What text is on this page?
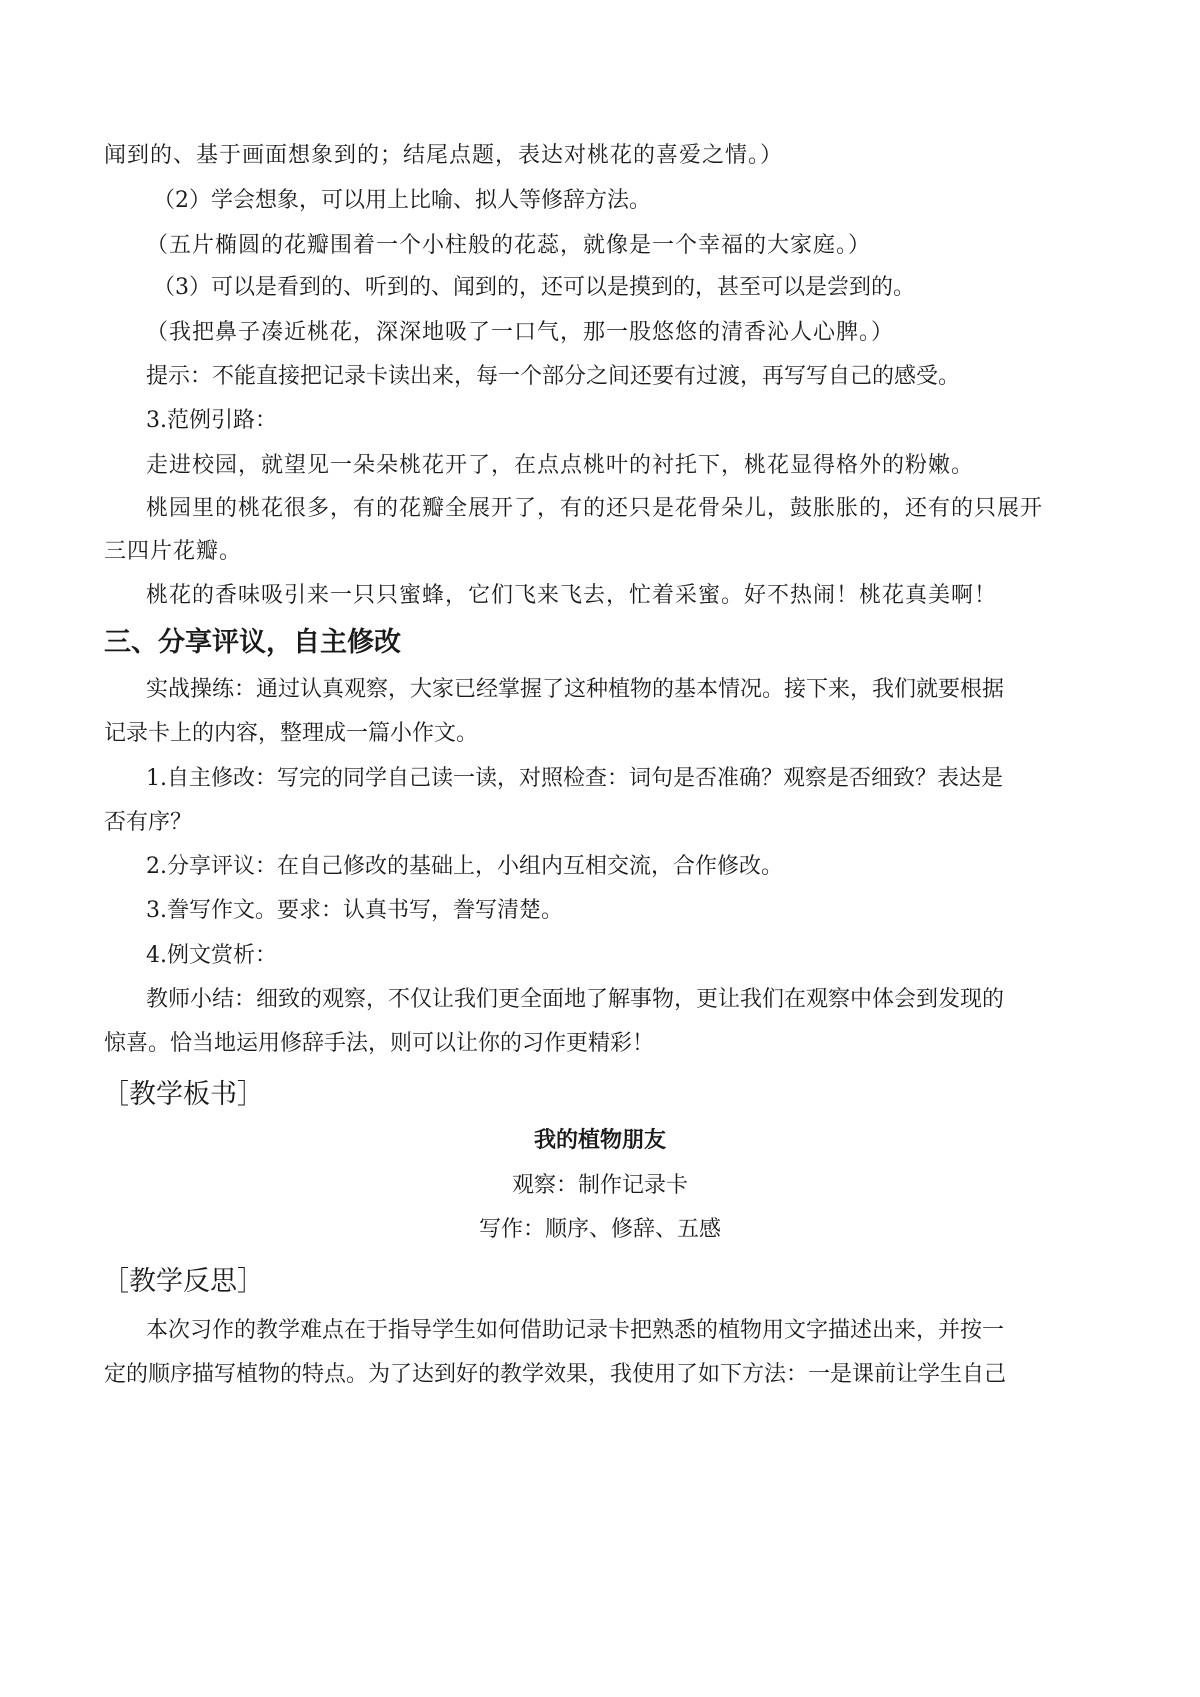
闻到的、基于画面想象到的；结尾点题，表达对桃花的喜爱之情。）
（2）学会想象，可以用上比喻、拟人等修辞方法。
（五片椭圆的花瓣围着一个小柱般的花蕊，就像是一个幸福的大家庭。）
（3）可以是看到的、听到的、闻到的，还可以是摸到的，甚至可以是尝到的。
（我把鼻子凑近桃花，深深地吸了一口气，那一股悠悠的清香沁人心脾。）
提示：不能直接把记录卡读出来，每一个部分之间还要有过渡，再写写自己的感受。
3.范例引路：
走进校园，就望见一朵朵桃花开了，在点点桃叶的衬托下，桃花显得格外的粉嫩。
桃园里的桃花很多，有的花瓣全展开了，有的还只是花骨朵儿，鼓胀胀的，还有的只展开
三四片花瓣。
桃花的香味吸引来一只只蜜蜂，它们飞来飞去，忙着采蜜。好不热闹！桃花真美啊！
三、分享评议，自主修改
实战操练：通过认真观察，大家已经掌握了这种植物的基本情况。接下来，我们就要根据
记录卡上的内容，整理成一篇小作文。
1.自主修改：写完的同学自己读一读，对照检查：词句是否准确？观察是否细致？表达是
否有序？
2.分享评议：在自己修改的基础上，小组内互相交流，合作修改。
3.誊写作文。要求：认真书写，誊写清楚。
4.例文赏析：
教师小结：细致的观察，不仅让我们更全面地了解事物，更让我们在观察中体会到发现的
惊喜。恰当地运用修辞手法，则可以让你的习作更精彩！
［教学板书］
我的植物朋友
观察：制作记录卡
写作：顺序、修辞、五感
［教学反思］
本次习作的教学难点在于指导学生如何借助记录卡把熟悉的植物用文字描述出来，并按一
定的顺序描写植物的特点。为了达到好的教学效果，我使用了如下方法：一是课前让学生自己
